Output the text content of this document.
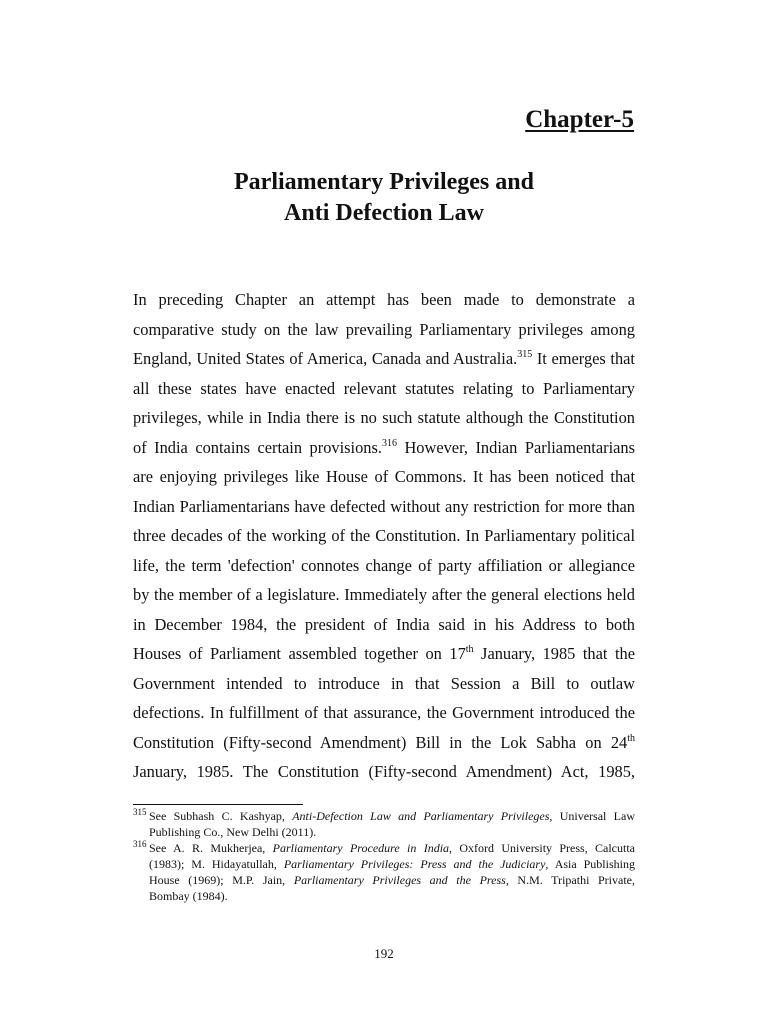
Chapter-5
Parliamentary Privileges and
Anti Defection Law
In preceding Chapter an attempt has been made to demonstrate a
comparative study on the law prevailing Parliamentary privileges among
England, United States of America, Canada and Australia.$^{315}$ It emerges that
all these states have enacted relevant statutes relating to Parliamentary
privileges, while in India there is no such statute although the Constitution
of India contains certain provisions.$^{316}$ However, Indian Parliamentarians
are enjoying privileges like House of Commons. It has been noticed that
Indian Parliamentarians have defected without any restriction for more than
three decades of the working of the Constitution. In Parliamentary political
life, the term 'defection' connotes change of party affiliation or allegiance
by the member of a legislature. Immediately after the general elections held
in December 1984, the president of India said in his Address to both
Houses of Parliament assembled together on 17th January, 1985 that the
Government intended to introduce in that Session a Bill to outlaw
defections. In fulfillment of that assurance, the Government introduced the
Constitution (Fifty-second Amendment) Bill in the Lok Sabha on 24th
January, 1985. The Constitution (Fifty-second Amendment) Act, 1985,
315 See Subhash C. Kashyap, Anti-Defection Law and Parliamentary Privileges, Universal Law
Publishing Co., New Delhi (2011).
316 See A. R. Mukherjea, Parliamentary Procedure in India, Oxford University Press, Calcutta
(1983); M. Hidayatullah, Parliamentary Privileges: Press and the Judiciary, Asia Publishing
House (1969); M.P. Jain, Parliamentary Privileges and the Press, N.M. Tripathi Private,
Bombay (1984).

192
